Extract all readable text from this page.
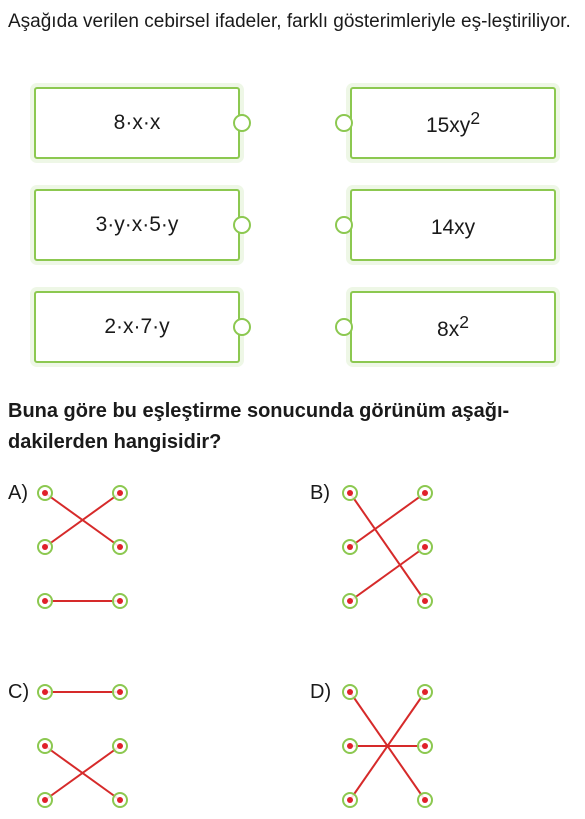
Aşağıda verilen cebirsel ifadeler, farklı gösterimleriyle eş-leştiriliyor.

8·x·x
3·y·x·5·y
2·x·7·y
$15xy^2$
14xy
$8x^2$

Buna göre bu eşleştirme sonucunda görünüm aşağı-dakilerden hangisidir?

A)	B)
C)	D)
